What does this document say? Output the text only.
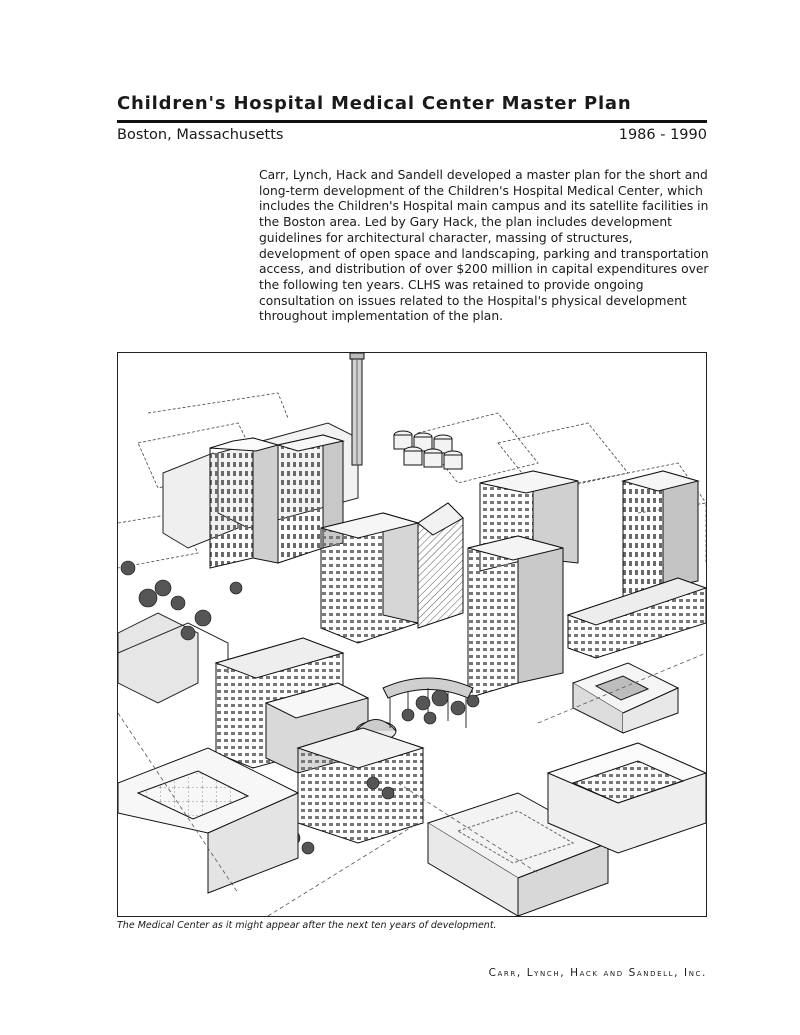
Children's Hospital Medical Center Master Plan
Boston, Massachusetts	1986 - 1990

Carr, Lynch, Hack and Sandell developed a master plan for the short and long-term development of the Children's Hospital Medical Center, which includes the Children's Hospital main campus and its satellite facilities in the Boston area. Led by Gary Hack, the plan includes development guidelines for architectural character, massing of structures, development of open space and landscaping, parking and transportation access, and distribution of over $200 million in capital expenditures over the following ten years. CLHS was retained to provide ongoing consultation on issues related to the Hospital's physical development throughout implementation of the plan.

The Medical Center as it might appear after the next ten years of development.
Carr, Lynch, Hack and Sandell, Inc.
